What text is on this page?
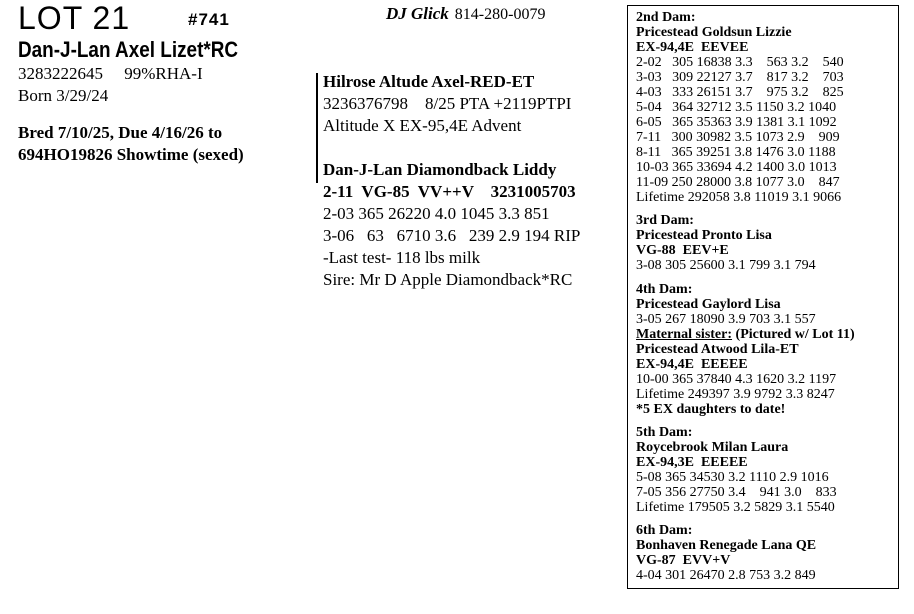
LOT 21	#741
Dan-J-Lan Axel Lizet*RC
3283222645     99%RHA-I
Born 3/29/24
Bred 7/10/25, Due 4/16/26 to
694HO19826 Showtime (sexed)
DJ Glick 814-280-0079
Hilrose Altude Axel-RED-ET
3236376798    8/25 PTA +2119PTPI
Altitude X EX-95,4E Advent
Dan-J-Lan Diamondback Liddy
2-11  VG-85  VV++V    3231005703
2-03 365 26220 4.0 1045 3.3 851
3-06   63   6710 3.6   239 2.9 194 RIP
-Last test- 118 lbs milk
Sire: Mr D Apple Diamondback*RC
2nd Dam:
Pricestead Goldsun Lizzie
EX-94,4E  EEVEE
2-02   305 16838 3.3    563 3.2    540
3-03   309 22127 3.7    817 3.2    703
4-03   333 26151 3.7    975 3.2    825
5-04   364 32712 3.5 1150 3.2 1040
6-05   365 35363 3.9 1381 3.1 1092
7-11   300 30982 3.5 1073 2.9    909
8-11   365 39251 3.8 1476 3.0 1188
10-03 365 33694 4.2 1400 3.0 1013
11-09 250 28000 3.8 1077 3.0    847
Lifetime 292058 3.8 11019 3.1 9066
3rd Dam:
Pricestead Pronto Lisa
VG-88  EEV+E
3-08 305 25600 3.1 799 3.1 794
4th Dam:
Pricestead Gaylord Lisa
3-05 267 18090 3.9 703 3.1 557
Maternal sister: (Pictured w/ Lot 11)
Pricestead Atwood Lila-ET
EX-94,4E  EEEEE
10-00 365 37840 4.3 1620 3.2 1197
Lifetime 249397 3.9 9792 3.3 8247
*5 EX daughters to date!
5th Dam:
Roycebrook Milan Laura
EX-94,3E  EEEEE
5-08 365 34530 3.2 1110 2.9 1016
7-05 356 27750 3.4    941 3.0    833
Lifetime 179505 3.2 5829 3.1 5540
6th Dam:
Bonhaven Renegade Lana QE
VG-87  EVV+V
4-04 301 26470 2.8 753 3.2 849
